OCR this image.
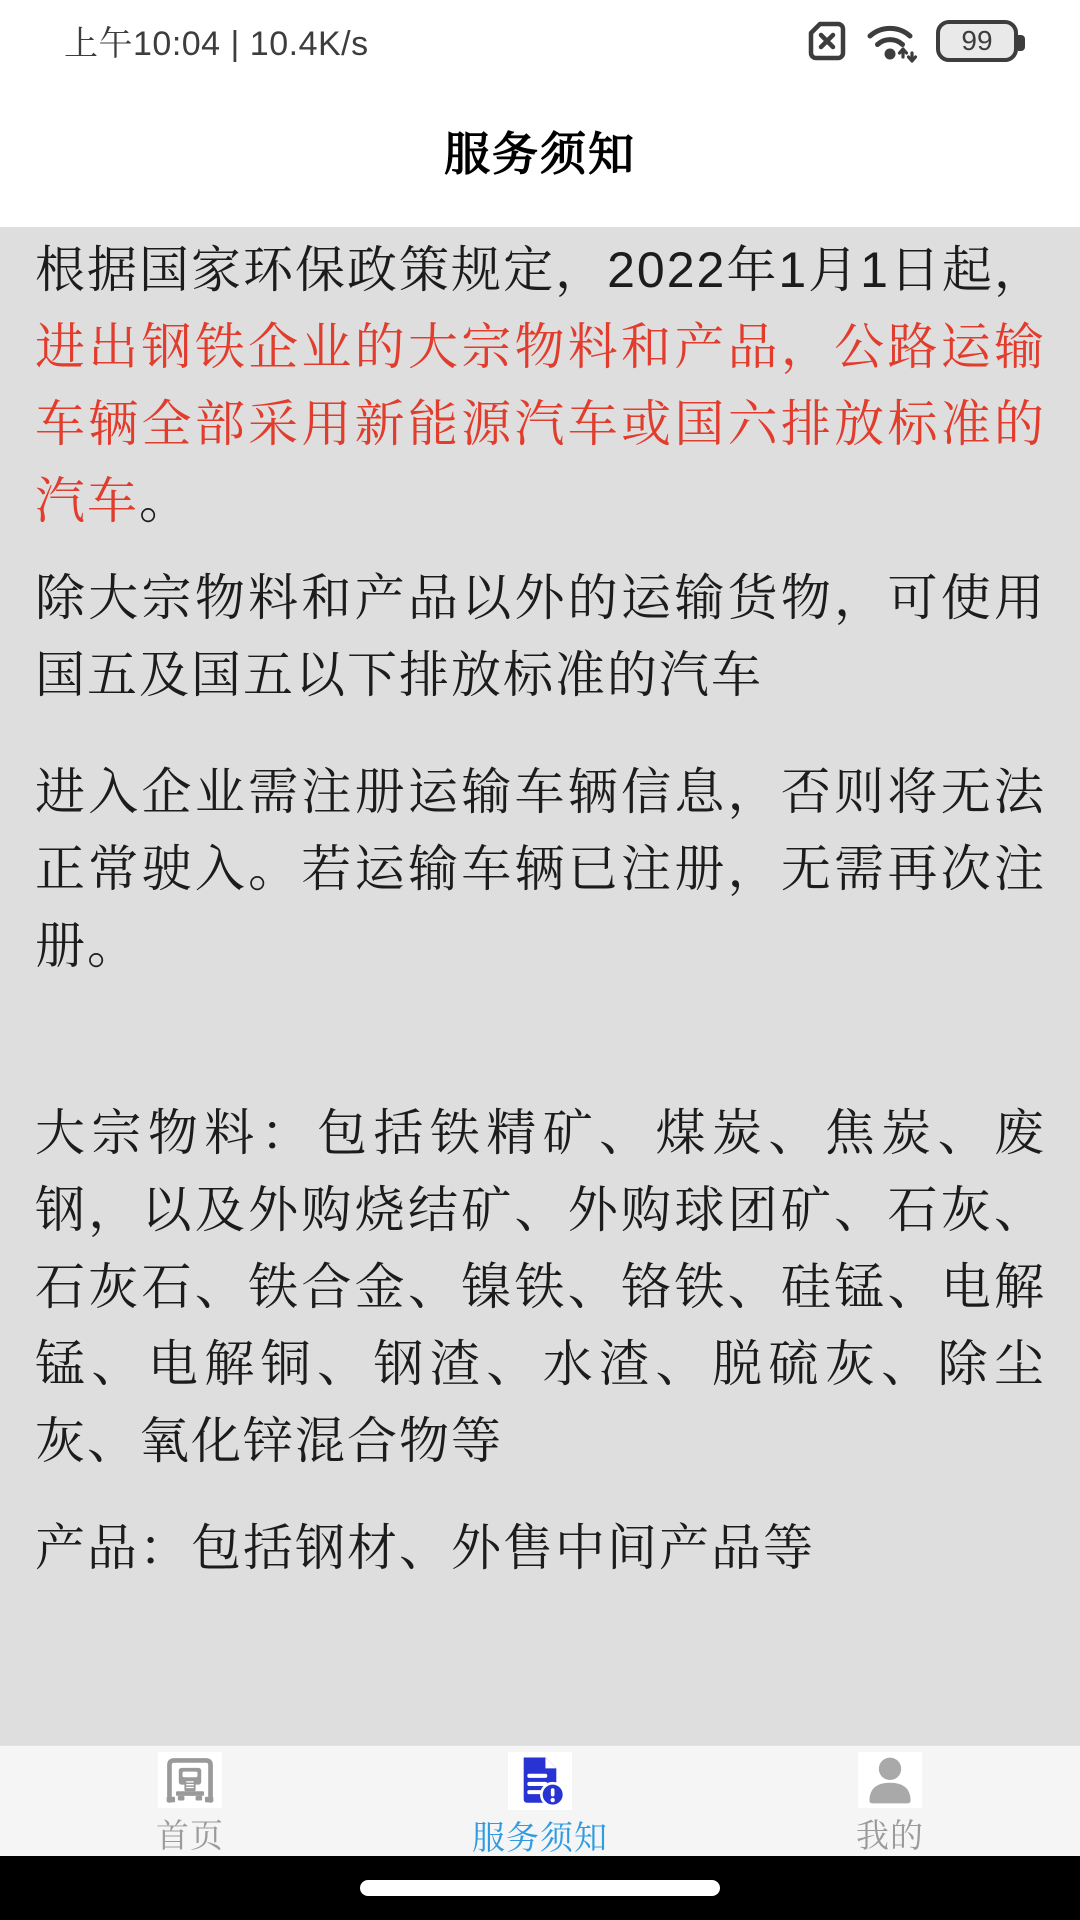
上午10:04 | 10.4K/s	99
服务须知

根据国家环保政策规定，2022年1月1日起，进出钢铁企业的大宗物料和产品，公路运输车辆全部采用新能源汽车或国六排放标准的汽车。

除大宗物料和产品以外的运输货物，可使用国五及国五以下排放标准的汽车

进入企业需注册运输车辆信息，否则将无法正常驶入。若运输车辆已注册，无需再次注册。

大宗物料：包括铁精矿、煤炭、焦炭、废钢，以及外购烧结矿、外购球团矿、石灰、石灰石、铁合金、镍铁、铬铁、硅锰、电解锰、电解铜、钢渣、水渣、脱硫灰、除尘灰、氧化锌混合物等

产品：包括钢材、外售中间产品等

首页	服务须知	我的
